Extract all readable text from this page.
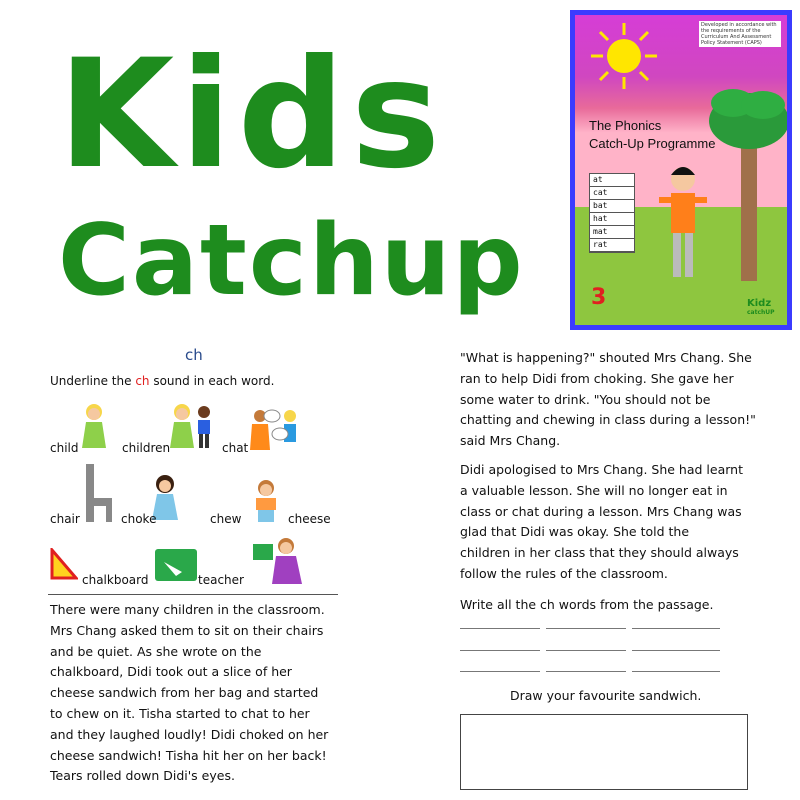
Kids
Catchup
Developed in accordance with the requirements of the Curriculum And Assessment Policy Statement (CAPS)
The Phonics
Catch-Up Programme
at
cat
bat
hat
mat
rat
3	Kidz
catchUP
ch
Underline the ch sound in each word.
child	children	chat
chair	choke	chew	cheese
chalkboard	teacher
There were many children in the classroom.
Mrs Chang asked them to sit on their chairs
and be quiet. As she wrote on the
chalkboard, Didi took out a slice of her
cheese sandwich from her bag and started
to chew on it. Tisha started to chat to her
and they laughed loudly! Didi choked on her
cheese sandwich! Tisha hit her on her back!
Tears rolled down Didi's eyes.
"What is happening?" shouted Mrs Chang. She
ran to help Didi from choking. She gave her
some water to drink. "You should not be
chatting and chewing in class during a lesson!"
said Mrs Chang.
Didi apologised to Mrs Chang. She had learnt
a valuable lesson. She will no longer eat in
class or chat during a lesson. Mrs Chang was
glad that Didi was okay. She told the
children in her class that they should always
follow the rules of the classroom.
Write all the ch words from the passage.
Draw your favourite sandwich.
